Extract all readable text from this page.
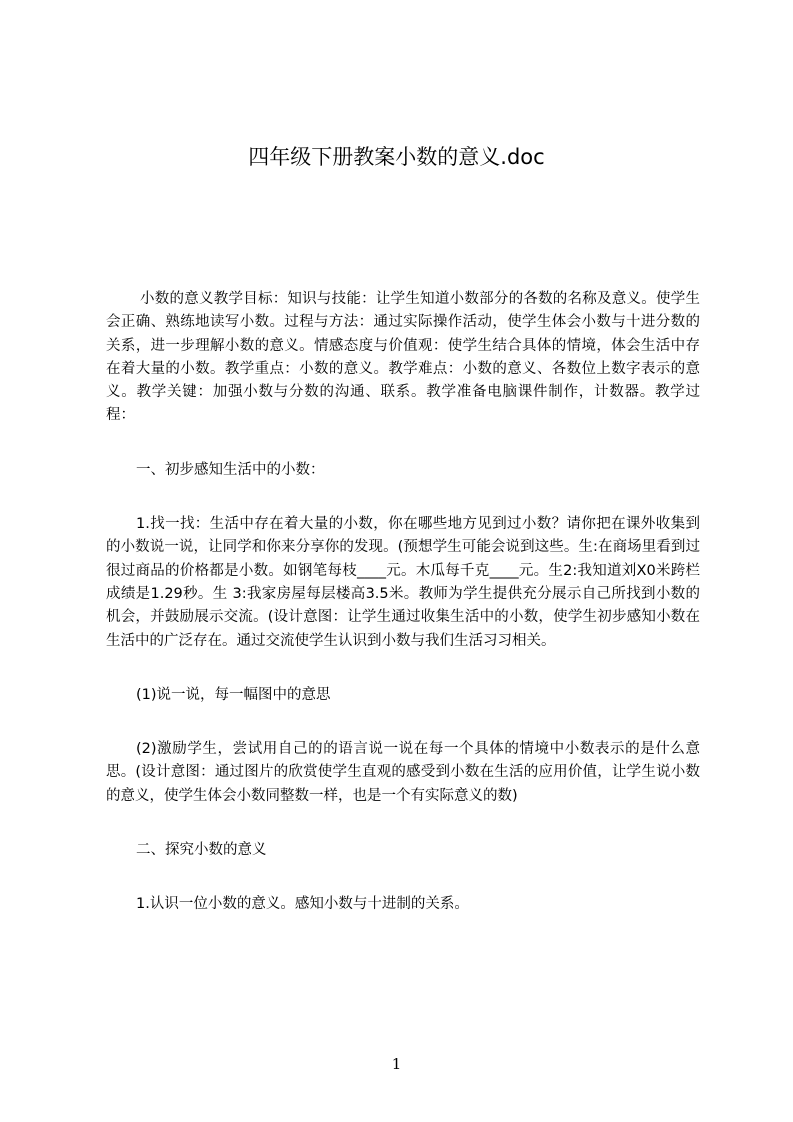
四年级下册教案小数的意义.doc

小数的意义教学目标：知识与技能：让学生知道小数部分的各数的名称及意义。使学生会正确、熟练地读写小数。过程与方法：通过实际操作活动，使学生体会小数与十进分数的关系，进一步理解小数的意义。情感态度与价值观：使学生结合具体的情境，体会生活中存在着大量的小数。教学重点：小数的意义。教学难点：小数的意义、各数位上数字表示的意义。教学关键：加强小数与分数的沟通、联系。教学准备电脑课件制作，计数器。教学过程：

一、初步感知生活中的小数：

1.找一找：生活中存在着大量的小数，你在哪些地方见到过小数？请你把在课外收集到的小数说一说，让同学和你来分享你的发现。(预想学生可能会说到这些。生:在商场里看到过很过商品的价格都是小数。如钢笔每枝____元。木瓜每千克____元。生2:我知道刘X0米跨栏成绩是1.29秒。生 3:我家房屋每层楼高3.5米。教师为学生提供充分展示自己所找到小数的机会，并鼓励展示交流。(设计意图：让学生通过收集生活中的小数，使学生初步感知小数在生活中的广泛存在。通过交流使学生认识到小数与我们生活习习相关。

(1)说一说，每一幅图中的意思

(2)激励学生，尝试用自己的的语言说一说在每一个具体的情境中小数表示的是什么意思。(设计意图：通过图片的欣赏使学生直观的感受到小数在生活的应用价值，让学生说小数的意义，使学生体会小数同整数一样，也是一个有实际意义的数)

二、探究小数的意义

1.认识一位小数的意义。感知小数与十进制的关系。

1
